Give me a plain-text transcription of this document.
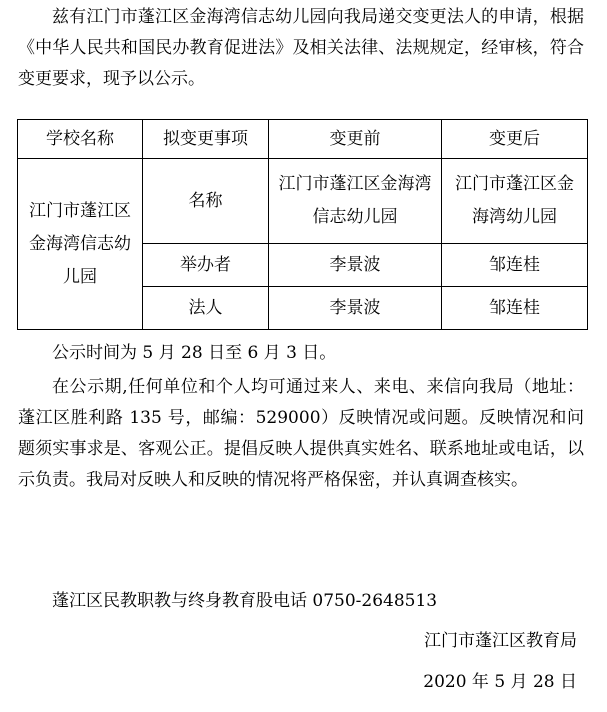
兹有江门市蓬江区金海湾信志幼儿园向我局递交变更法人的申请，根据《中华人民共和国民办教育促进法》及相关法律、法规规定，经审核，符合变更要求，现予以公示。

学校名称	拟变更事项	变更前	变更后
江门市蓬江区金海湾信志幼儿园	名称	江门市蓬江区金海湾信志幼儿园	江门市蓬江区金海湾幼儿园
	举办者	李景波	邹连桂
	法人	李景波	邹连桂

公示时间为 5 月 28 日至 6 月 3 日。

在公示期,任何单位和个人均可通过来人、来电、来信向我局（地址：蓬江区胜利路 135 号，邮编：529000）反映情况或问题。反映情况和问题须实事求是、客观公正。提倡反映人提供真实姓名、联系地址或电话，以示负责。我局对反映人和反映的情况将严格保密，并认真调查核实。

蓬江区民教职教与终身教育股电话 0750-2648513

江门市蓬江区教育局

2020 年 5 月 28 日
